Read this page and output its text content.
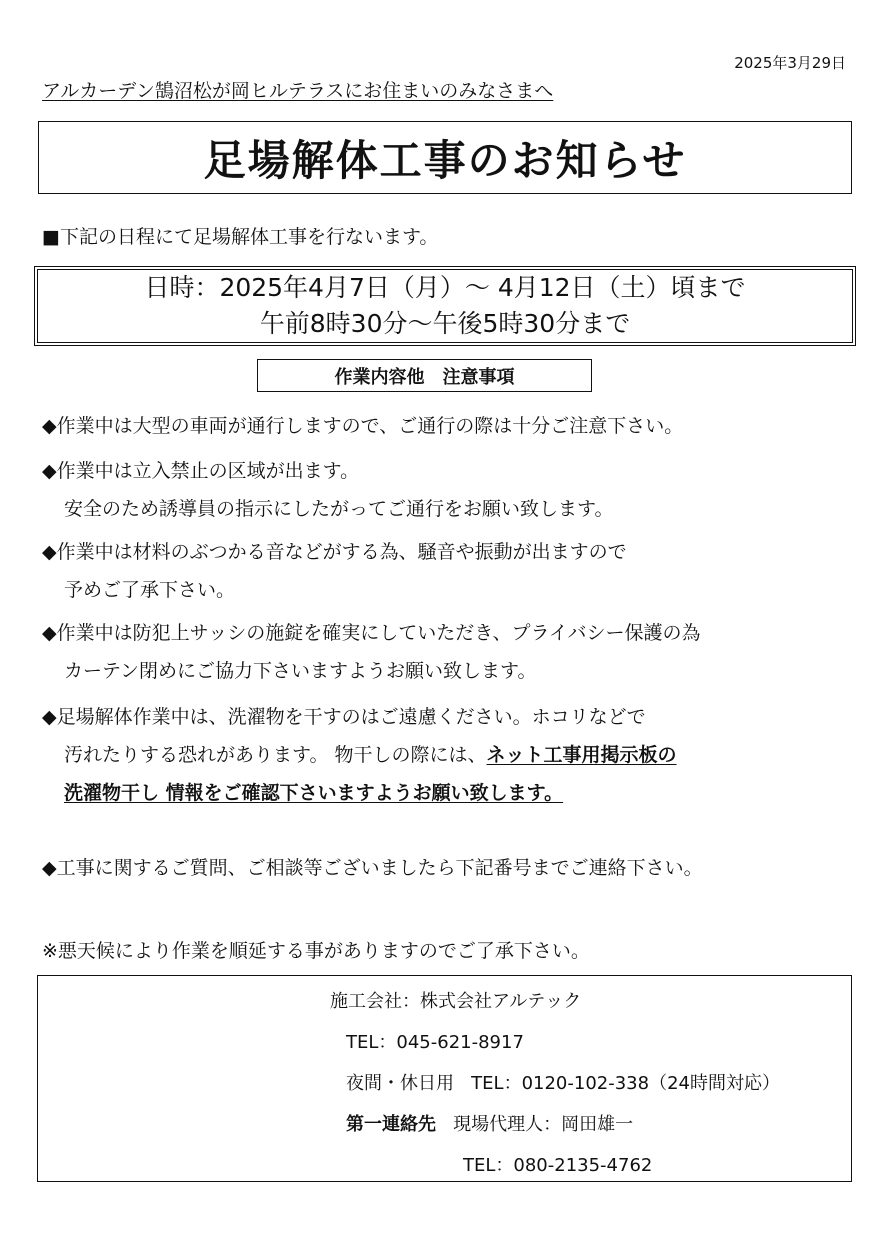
2025年3月29日
アルカーデン鵠沼松が岡ヒルテラスにお住まいのみなさまへ
足場解体工事のお知らせ
■下記の日程にて足場解体工事を行ないます。
日時：2025年4月7日（月）～ 4月12日（土）頃まで
午前8時30分～午後5時30分まで
作業内容他　注意事項
◆作業中は大型の車両が通行しますので、ご通行の際は十分ご注意下さい。
◆作業中は立入禁止の区域が出ます。
安全のため誘導員の指示にしたがってご通行をお願い致します。
◆作業中は材料のぶつかる音などがする為、騒音や振動が出ますので
予めご了承下さい。
◆作業中は防犯上サッシの施錠を確実にしていただき、プライバシー保護の為
カーテン閉めにご協力下さいますようお願い致します。
◆足場解体作業中は、洗濯物を干すのはご遠慮ください。ホコリなどで
汚れたりする恐れがあります。 物干しの際には、ネット工事用掲示板の
洗濯物干し 情報をご確認下さいますようお願い致します。
◆工事に関するご質問、ご相談等ございましたら下記番号までご連絡下さい。
※悪天候により作業を順延する事がありますのでご了承下さい。
施工会社：株式会社アルテック
TEL：045-621-8917
夜間・休日用 TEL：0120-102-338（24時間対応）
第一連絡先 現場代理人：岡田雄一
TEL：080-2135-4762
